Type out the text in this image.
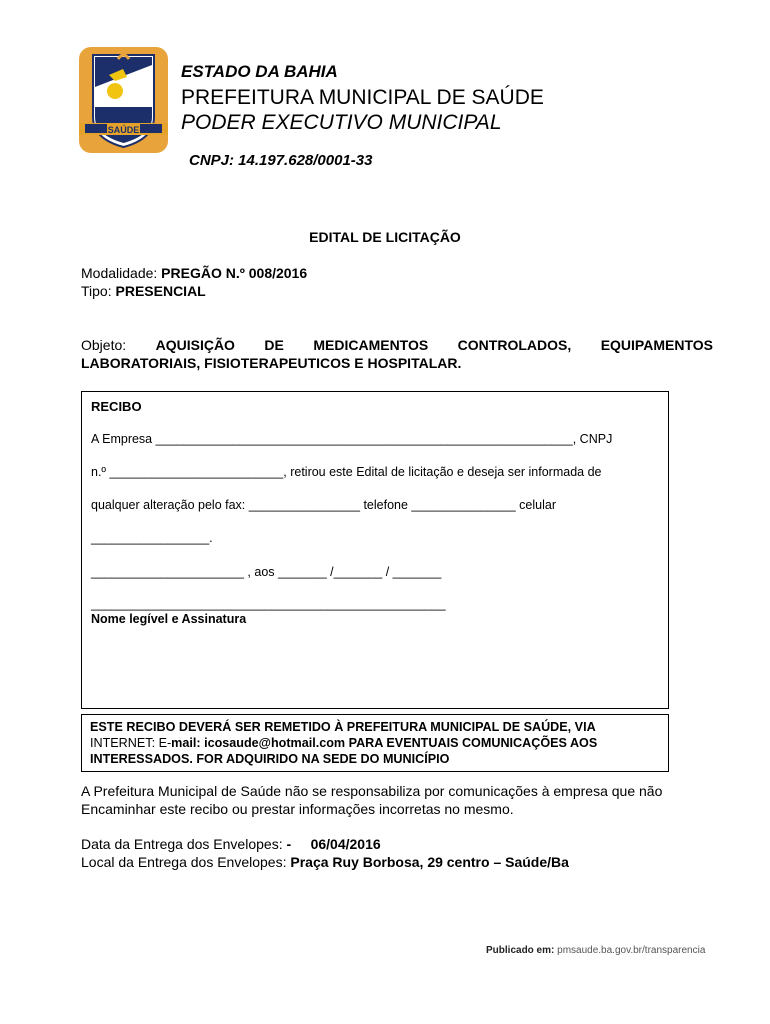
SAÚDE
ESTADO DA BAHIA
PREFEITURA MUNICIPAL DE SAÚDE
PODER EXECUTIVO MUNICIPAL
CNPJ: 14.197.628/0001-33
EDITAL DE LICITAÇÃO
Modalidade: PREGÃO N.º 008/2016
Tipo: PRESENCIAL
Objeto: AQUISIÇÃO DE MEDICAMENTOS CONTROLADOS, EQUIPAMENTOS
LABORATORIAIS, FISIOTERAPEUTICOS E HOSPITALAR.
RECIBO
A Empresa ____________________________________________________________, CNPJ
n.º _________________________, retirou este Edital de licitação e deseja ser informada de
qualquer alteração pelo fax: ________________ telefone _______________ celular
_________________.
______________________ , aos _______ /_______ / _______
___________________________________________________
Nome legível e Assinatura
ESTE RECIBO DEVERÁ SER REMETIDO À PREFEITURA MUNICIPAL DE SAÚDE, VIA
INTERNET: E-mail: icosaude@hotmail.com PARA EVENTUAIS COMUNICAÇÕES AOS
INTERESSADOS. FOR ADQUIRIDO NA SEDE DO MUNICÍPIO
A Prefeitura Municipal de Saúde não se responsabiliza por comunicações à empresa que não Encaminhar este recibo ou prestar informações incorretas no mesmo.
Data da Entrega dos Envelopes: -     06/04/2016
Local da Entrega dos Envelopes: Praça Ruy Borbosa, 29 centro – Saúde/Ba
Publicado em: pmsaude.ba.gov.br/transparencia
